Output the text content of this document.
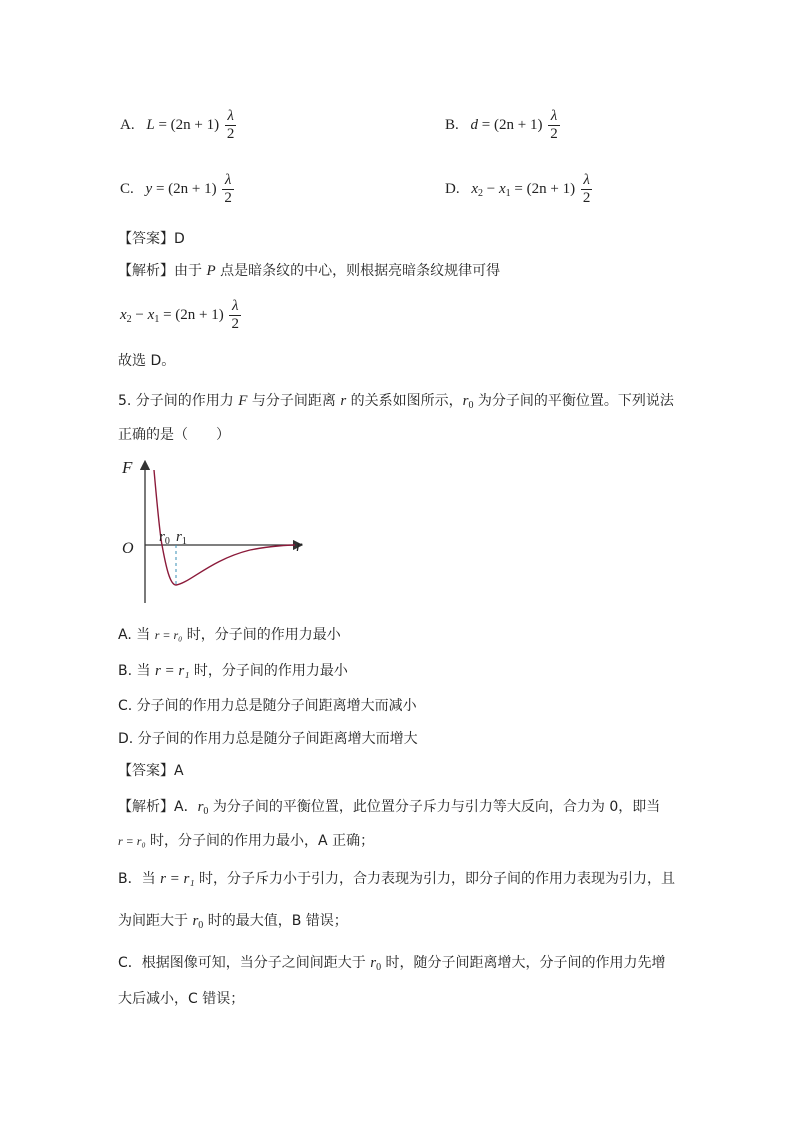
A. $L = (2n + 1) \frac{\lambda}{2}$	B. $d = (2n + 1) \frac{\lambda}{2}$
C. $y = (2n + 1) \frac{\lambda}{2}$	D. $x_2 - x_1 = (2n + 1) \frac{\lambda}{2}$
【答案】D
【解析】由于 P 点是暗条纹的中心，则根据亮暗条纹规律可得
$x_2 - x_1 = (2n + 1) \frac{\lambda}{2}$
故选 D。
5. 分子间的作用力 F 与分子间距离 r 的关系如图所示，$r_0$ 为分子间的平衡位置。下列说法
正确的是（　　）
F
r
O
$r_0$ $r_1$
A. 当 r = r₀ 时，分子间的作用力最小
B. 当 r = r₁ 时，分子间的作用力最小
C. 分子间的作用力总是随分子间距离增大而减小
D. 分子间的作用力总是随分子间距离增大而增大
【答案】A
【解析】A．$r_0$ 为分子间的平衡位置，此位置分子斥力与引力等大反向，合力为 0，即当
r = r₀ 时，分子间的作用力最小，A 正确；
B．当 r = r₁ 时，分子斥力小于引力，合力表现为引力，即分子间的作用力表现为引力，且
为间距大于 $r_0$ 时的最大值，B 错误；
C．根据图像可知，当分子之间间距大于 $r_0$ 时，随分子间距离增大，分子间的作用力先增
大后减小，C 错误；
